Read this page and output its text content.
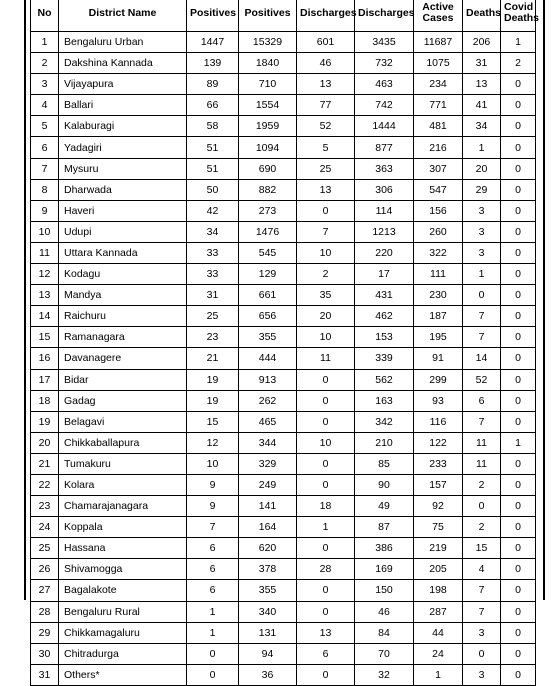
No	District Name	Positives	Positives	Discharges	Discharges	Active Cases	Deaths	Covid Deaths
1	Bengaluru Urban	1447	15329	601	3435	11687	206	1
2	Dakshina Kannada	139	1840	46	732	1075	31	2
3	Vijayapura	89	710	13	463	234	13	0
4	Ballari	66	1554	77	742	771	41	0
5	Kalaburagi	58	1959	52	1444	481	34	0
6	Yadagiri	51	1094	5	877	216	1	0
7	Mysuru	51	690	25	363	307	20	0
8	Dharwada	50	882	13	306	547	29	0
9	Haveri	42	273	0	114	156	3	0
10	Udupi	34	1476	7	1213	260	3	0
11	Uttara Kannada	33	545	10	220	322	3	0
12	Kodagu	33	129	2	17	111	1	0
13	Mandya	31	661	35	431	230	0	0
14	Raichuru	25	656	20	462	187	7	0
15	Ramanagara	23	355	10	153	195	7	0
16	Davanagere	21	444	11	339	91	14	0
17	Bidar	19	913	0	562	299	52	0
18	Gadag	19	262	0	163	93	6	0
19	Belagavi	15	465	0	342	116	7	0
20	Chikkaballapura	12	344	10	210	122	11	1
21	Tumakuru	10	329	0	85	233	11	0
22	Kolara	9	249	0	90	157	2	0
23	Chamarajanagara	9	141	18	49	92	0	0
24	Koppala	7	164	1	87	75	2	0
25	Hassana	6	620	0	386	219	15	0
26	Shivamogga	6	378	28	169	205	4	0
27	Bagalakote	6	355	0	150	198	7	0
28	Bengaluru Rural	1	340	0	46	287	7	0
29	Chikkamagaluru	1	131	13	84	44	3	0
30	Chitradurga	0	94	6	70	24	0	0
31	Others*	0	36	0	32	1	3	0
